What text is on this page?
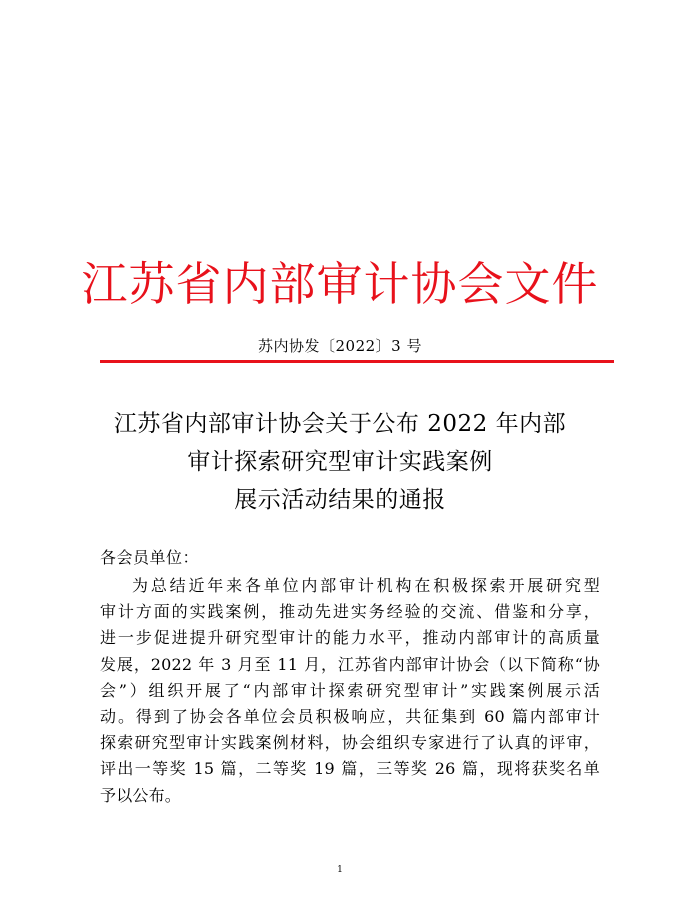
江苏省内部审计协会文件
苏内协发〔2022〕3 号
江苏省内部审计协会关于公布 2022 年内部
审计探索研究型审计实践案例
展示活动结果的通报
各会员单位：
为总结近年来各单位内部审计机构在积极探索开展研究型
审计方面的实践案例，推动先进实务经验的交流、借鉴和分享，
进一步促进提升研究型审计的能力水平，推动内部审计的高质量
发展，2022 年 3 月至 11 月，江苏省内部审计协会（以下简称“协
会”）组织开展了“内部审计探索研究型审计”实践案例展示活
动。得到了协会各单位会员积极响应，共征集到 60 篇内部审计
探索研究型审计实践案例材料，协会组织专家进行了认真的评审，
评出一等奖 15 篇，二等奖 19 篇，三等奖 26 篇，现将获奖名单
予以公布。
1
